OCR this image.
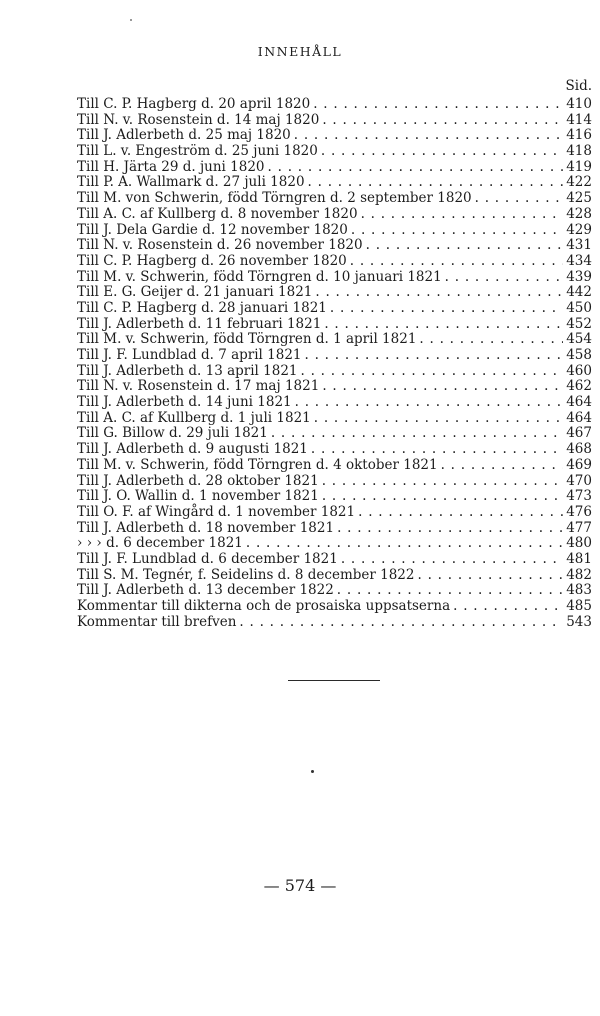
INNEHÅLL
Sid.
Till C. P. Hagberg d. 20 april 1820 . . .	410
Till N. v. Rosenstein d. 14 maj 1820 . . .	414
Till J. Adlerbeth d. 25 maj 1820 . . .	416
Till L. v. Engeström d. 25 juni 1820 . . .	418
Till H. Järta 29 d. juni 1820 . . .	419
Till P. A. Wallmark d. 27 juli 1820 . . .	422
Till M. von Schwerin, född Törngren d. 2 september 1820 . . .	425
Till A. C. af Kullberg d. 8 november 1820 . . .	428
Till J. Dela Gardie d. 12 november 1820 . . .	429
Till N. v. Rosenstein d. 26 november 1820 . . .	431
Till C. P. Hagberg d. 26 november 1820 . . .	434
Till M. v. Schwerin, född Törngren d. 10 januari 1821 . . .	439
Till E. G. Geijer d. 21 januari 1821 . . .	442
Till C. P. Hagberg d. 28 januari 1821 . . .	450
Till J. Adlerbeth d. 11 februari 1821 . . .	452
Till M. v. Schwerin, född Törngren d. 1 april 1821 . . .	454
Till J. F. Lundblad d. 7 april 1821 . . .	458
Till J. Adlerbeth d. 13 april 1821 . . .	460
Till N. v. Rosenstein d. 17 maj 1821 . . .	462
Till J. Adlerbeth d. 14 juni 1821 . . .	464
Till A. C. af Kullberg d. 1 juli 1821 . . .	464
Till G. Billow d. 29 juli 1821 . . .	467
Till J. Adlerbeth d. 9 augusti 1821 . . .	468
Till M. v. Schwerin, född Törngren d. 4 oktober 1821 . . .	469
Till J. Adlerbeth d. 28 oktober 1821 . . .	470
Till J. O. Wallin d. 1 november 1821 . . .	473
Till O. F. af Wingård d. 1 november 1821 . . .	476
Till J. Adlerbeth d. 18 november 1821 . . .	477
› › › d. 6 december 1821 . . .	480
Till J. F. Lundblad d. 6 december 1821 . . .	481
Till S. M. Tegnér, f. Seidelins d. 8 december 1822 . . .	482
Till J. Adlerbeth d. 13 december 1822 . . .	483
Kommentar till dikterna och de prosaiska uppsatserna . . .	485
Kommentar till brefven . . .	543
— 574 —
